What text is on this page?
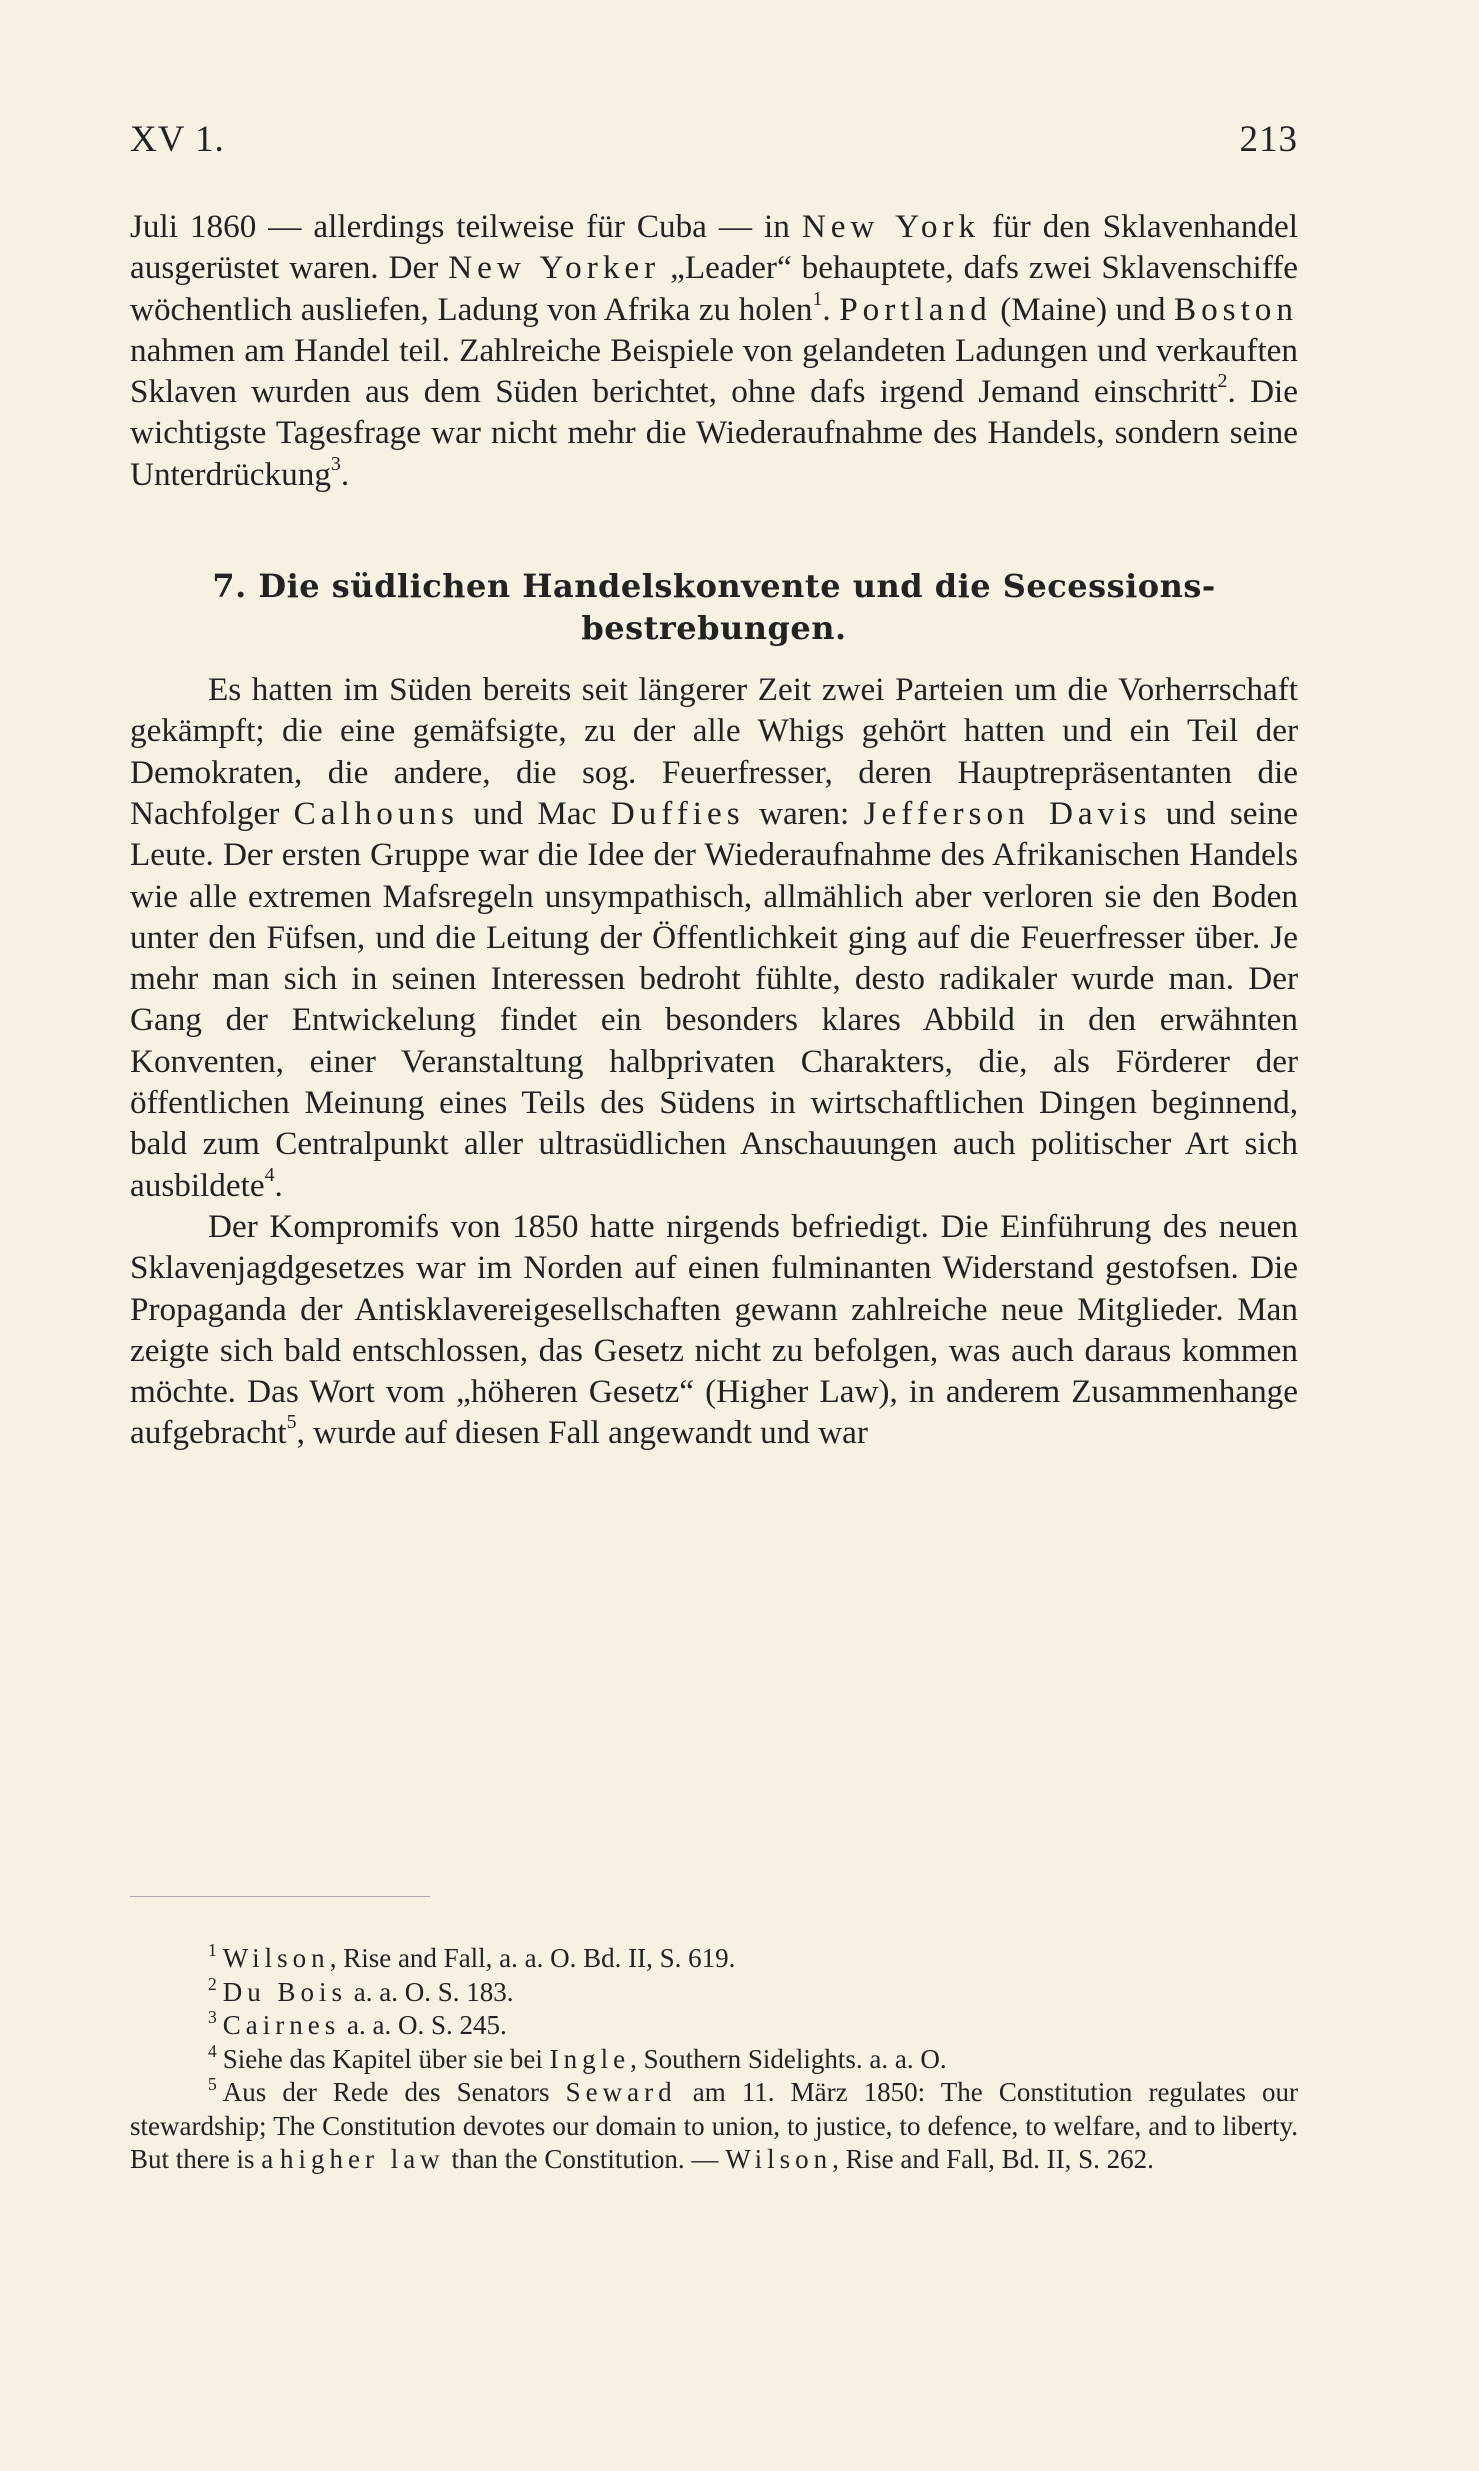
XV 1.	213

Juli 1860 — allerdings teilweise für Cuba — in New York für den Sklavenhandel ausgerüstet waren. Der New Yorker „Leader“ behauptete, dafs zwei Sklavenschiffe wöchentlich ausliefen, Ladung von Afrika zu holen$^1$. Portland (Maine) und Boston nahmen am Handel teil. Zahlreiche Beispiele von gelandeten Ladungen und verkauften Sklaven wurden aus dem Süden berichtet, ohne dafs irgend Jemand einschritt$^2$. Die wichtigste Tagesfrage war nicht mehr die Wiederaufnahme des Handels, sondern seine Unterdrückung$^3$.

7. Die südlichen Handelskonvente und die Secessions-
bestrebungen.

Es hatten im Süden bereits seit längerer Zeit zwei Parteien um die Vorherrschaft gekämpft; die eine gemäfsigte, zu der alle Whigs gehört hatten und ein Teil der Demokraten, die andere, die sog. Feuerfresser, deren Hauptrepräsentanten die Nachfolger Calhouns und Mac Duffies waren: Jefferson Davis und seine Leute. Der ersten Gruppe war die Idee der Wiederaufnahme des Afrikanischen Handels wie alle extremen Mafsregeln unsympathisch, allmählich aber verloren sie den Boden unter den Füfsen, und die Leitung der Öffentlichkeit ging auf die Feuerfresser über. Je mehr man sich in seinen Interessen bedroht fühlte, desto radikaler wurde man. Der Gang der Entwickelung findet ein besonders klares Abbild in den erwähnten Konventen, einer Veranstaltung halbprivaten Charakters, die, als Förderer der öffentlichen Meinung eines Teils des Südens in wirtschaftlichen Dingen beginnend, bald zum Centralpunkt aller ultrasüdlichen Anschauungen auch politischer Art sich ausbildete$^4$.

Der Kompromifs von 1850 hatte nirgends befriedigt. Die Einführung des neuen Sklavenjagdgesetzes war im Norden auf einen fulminanten Widerstand gestofsen. Die Propaganda der Antisklavereigesellschaften gewann zahlreiche neue Mitglieder. Man zeigte sich bald entschlossen, das Gesetz nicht zu befolgen, was auch daraus kommen möchte. Das Wort vom „höheren Gesetz“ (Higher Law), in anderem Zusammenhange aufgebracht$^5$, wurde auf diesen Fall angewandt und war

$^1$ Wilson, Rise and Fall, a. a. O. Bd. II, S. 619.

$^2$ Du Bois a. a. O. S. 183.

$^3$ Cairnes a. a. O. S. 245.

$^4$ Siehe das Kapitel über sie bei Ingle, Southern Sidelights. a. a. O.

$^5$ Aus der Rede des Senators Seward am 11. März 1850: The Constitution regulates our stewardship; The Constitution devotes our domain to union, to justice, to defence, to welfare, and to liberty. But there is a higher law than the Constitution. — Wilson, Rise and Fall, Bd. II, S. 262.
